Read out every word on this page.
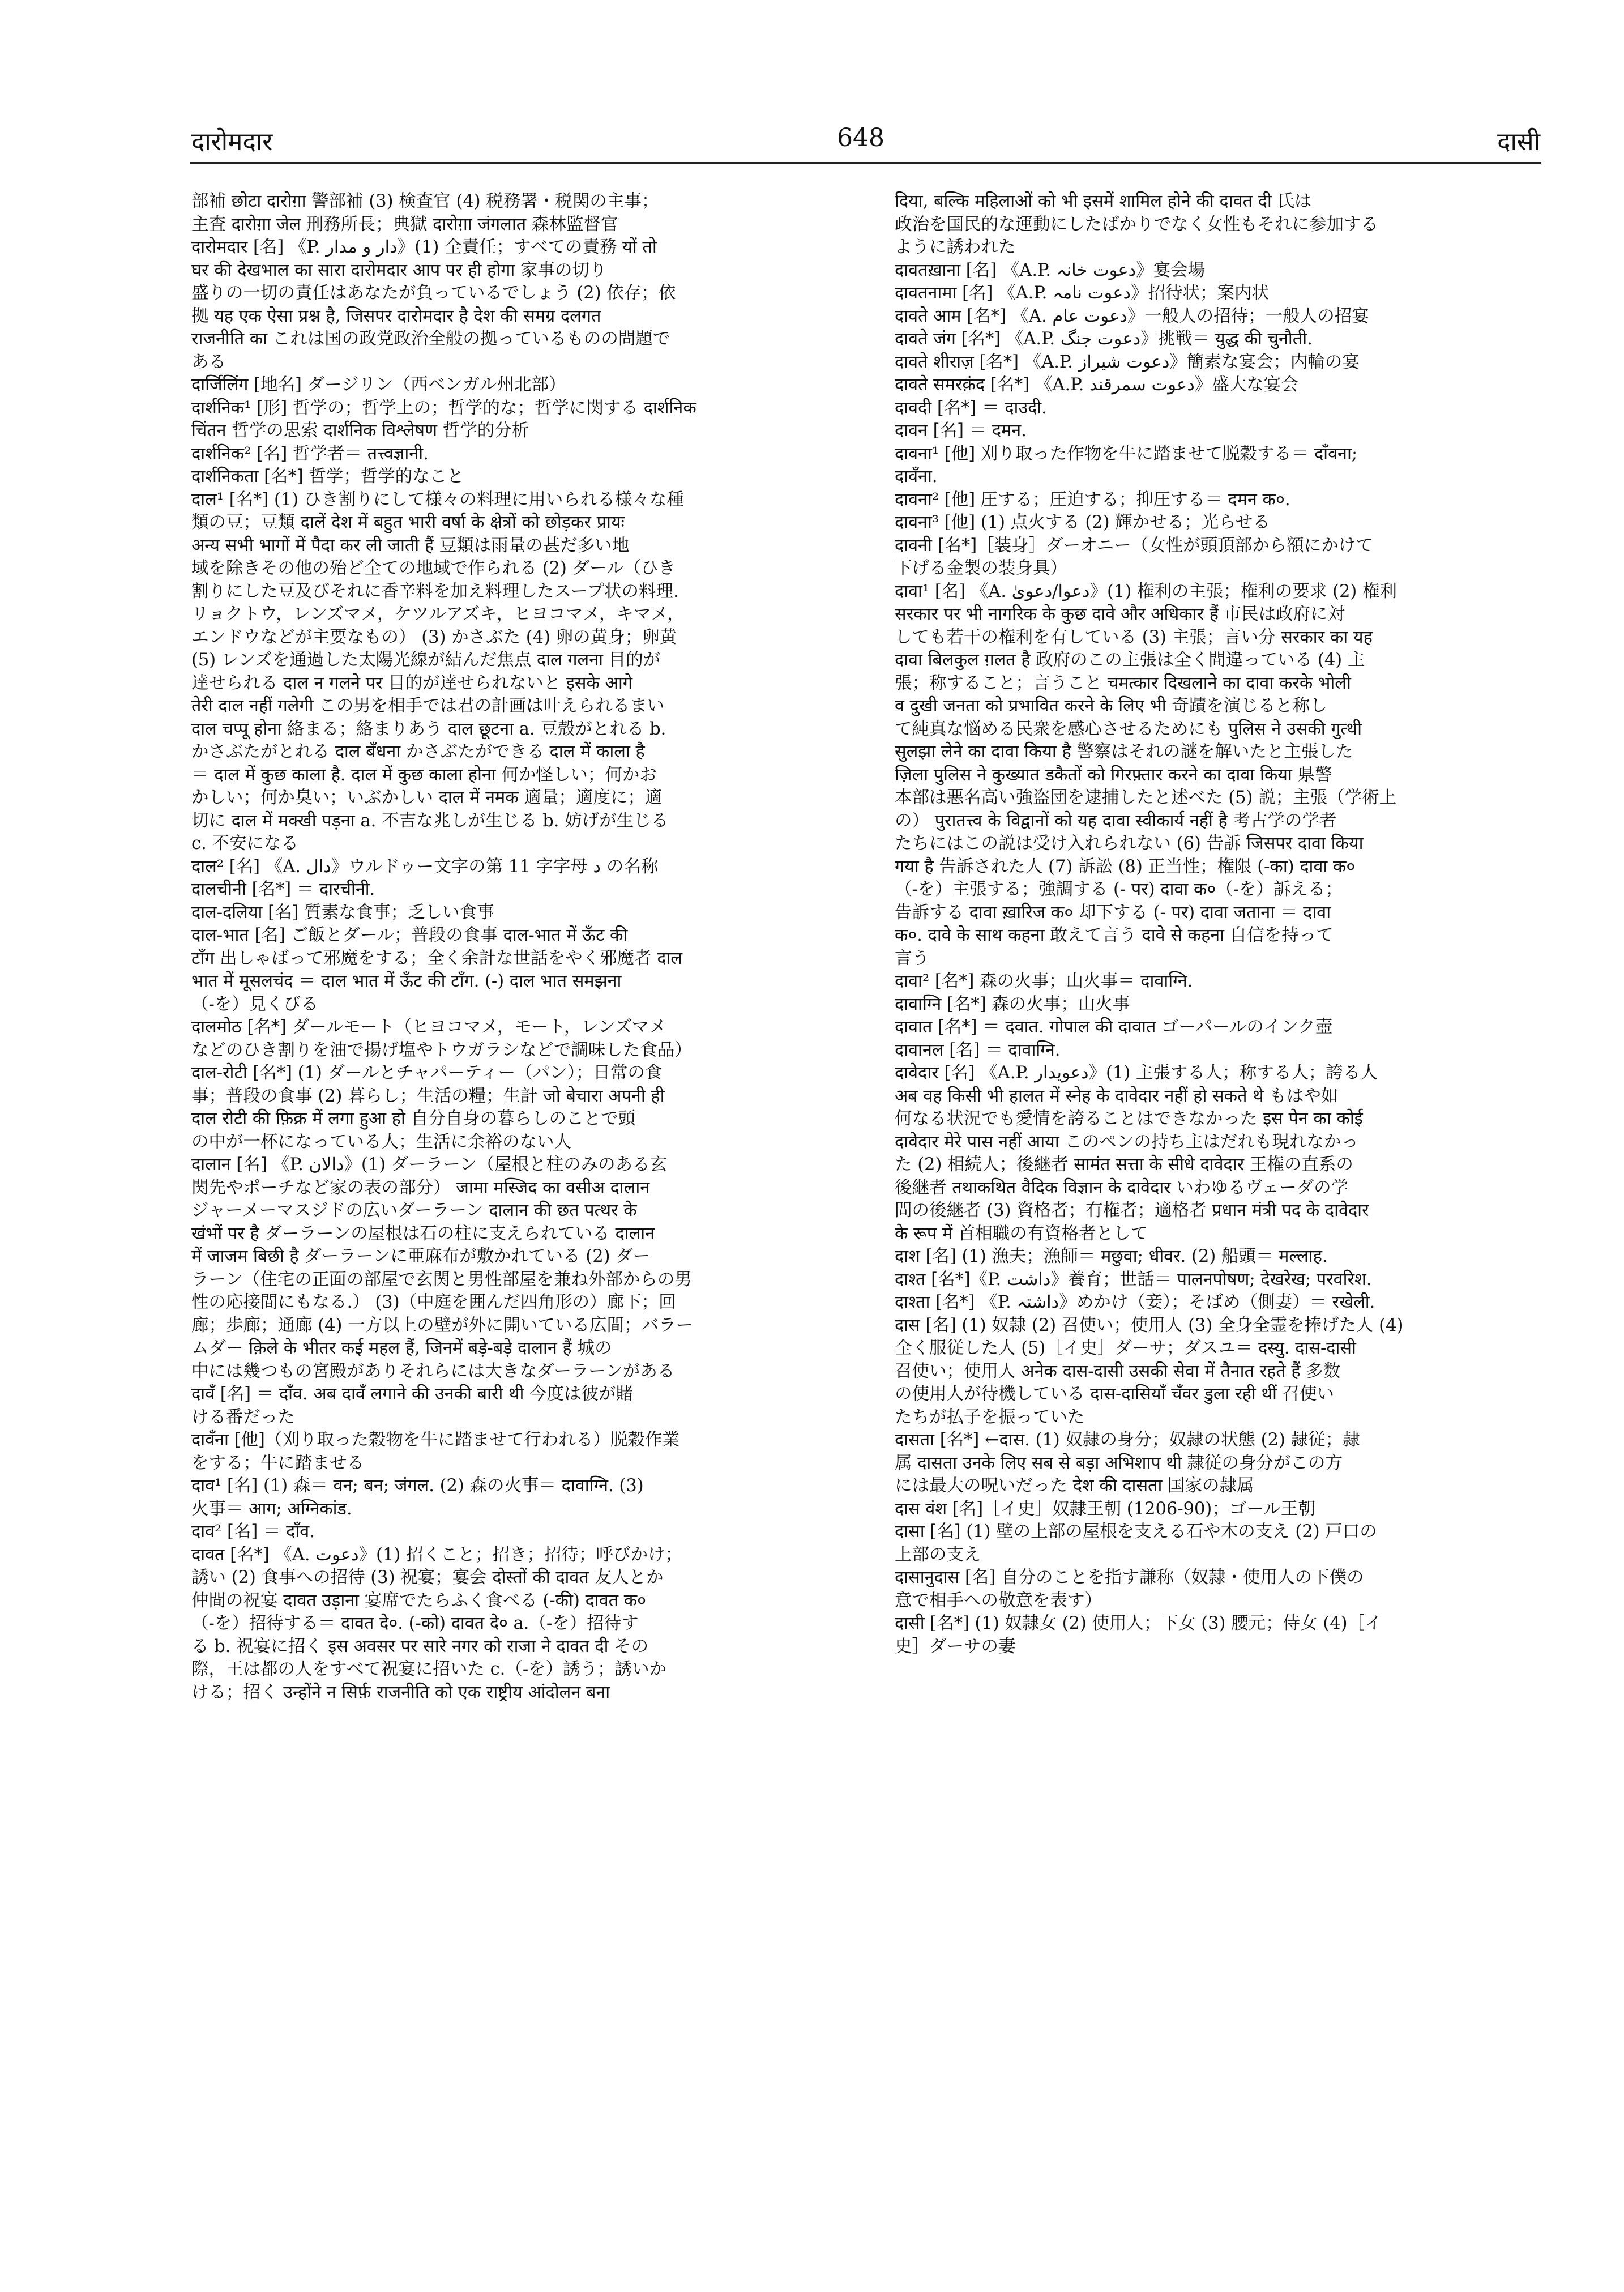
दारोमदार	648	दासी
部補 छोटा दारोग़ा 警部補 (3) 検査官 (4) 税務署・税関の主事；
主査 दारोग़ा जेल 刑務所長；典獄 दारोग़ा जंगलात 森林監督官
दारोमदार [名] 《P. دار و مدار》(1) 全責任；すべての責務 यों तो
घर की देखभाल का सारा दारोमदार आप पर ही होगा 家事の切り
盛りの一切の責任はあなたが負っているでしょう (2) 依存；依
拠 यह एक ऐसा प्रश्न है, जिसपर दारोमदार है देश की समग्र दलगत
राजनीति का これは国の政党政治全般の拠っているものの問題で
ある
दार्जिलिंग [地名] ダージリン（西ベンガル州北部）
दार्शनिक¹ [形] 哲学の；哲学上の；哲学的な；哲学に関する दार्शनिक
चिंतन 哲学の思索 दार्शनिक विश्लेषण 哲学的分析
दार्शनिक² [名] 哲学者＝ तत्त्वज्ञानी.
दार्शनिकता [名*] 哲学；哲学的なこと
दाल¹ [名*] (1) ひき割りにして様々の料理に用いられる様々な種
類の豆；豆類 दालें देश में बहुत भारी वर्षा के क्षेत्रों को छोड़कर प्रायः
अन्य सभी भागों में पैदा कर ली जाती हैं 豆類は雨量の甚だ多い地
域を除きその他の殆ど全ての地域で作られる (2) ダール（ひき
割りにした豆及びそれに香辛料を加え料理したスープ状の料理.
リョクトウ，レンズマメ，ケツルアズキ，ヒヨコマメ，キマメ，
エンドウなどが主要なもの） (3) かさぶた (4) 卵の黄身；卵黄
(5) レンズを通過した太陽光線が結んだ焦点 दाल गलना 目的が
達せられる दाल न गलने पर 目的が達せられないと इसके आगे
तेरी दाल नहीं गलेगी この男を相手では君の計画は叶えられるまい
दाल चप्पू होना 絡まる；絡まりあう दाल छूटना a. 豆殻がとれる b.
かさぶたがとれる दाल बँधना かさぶたができる दाल में काला है
＝ दाल में कुछ काला है. दाल में कुछ काला होना 何か怪しい；何かお
かしい；何か臭い；いぶかしい दाल में नमक 適量；適度に；適
切に दाल में मक्खी पड़ना a. 不吉な兆しが生じる b. 妨げが生じる
c. 不安になる
दाल² [名] 《A. دال》ウルドゥー文字の第 11 字字母 د の名称
दालचीनी [名*] ＝ दारचीनी.
दाल-दलिया [名] 質素な食事；乏しい食事
दाल-भात [名] ご飯とダール；普段の食事 दाल-भात में ऊँट की
टाँग 出しゃばって邪魔をする；全く余計な世話をやく邪魔者 दाल
भात में मूसलचंद ＝ दाल भात में ऊँट की टाँग. (-) दाल भात समझना
（-を）見くびる
दालमोठ [名*] ダールモート（ヒヨコマメ，モート，レンズマメ
などのひき割りを油で揚げ塩やトウガラシなどで調味した食品）
दाल-रोटी [名*] (1) ダールとチャパーティー（パン）；日常の食
事；普段の食事 (2) 暮らし；生活の糧；生計 जो बेचारा अपनी ही
दाल रोटी की फ़िक्र में लगा हुआ हो 自分自身の暮らしのことで頭
の中が一杯になっている人；生活に余裕のない人
दालान [名] 《P. دالان》(1) ダーラーン（屋根と柱のみのある玄
関先やポーチなど家の表の部分） जामा मस्जिद का वसीअ दालान
ジャーメーマスジドの広いダーラーン दालान की छत पत्थर के
खंभों पर है ダーラーンの屋根は石の柱に支えられている दालान
में जाजम बिछी है ダーラーンに亜麻布が敷かれている (2) ダー
ラーン（住宅の正面の部屋で玄関と男性部屋を兼ね外部からの男
性の応接間にもなる.） (3)（中庭を囲んだ四角形の）廊下；回
廊；歩廊；通廊 (4) 一方以上の壁が外に開いている広間；バラー
ムダー क़िले के भीतर कई महल हैं, जिनमें बड़े-बड़े दालान हैं 城の
中には幾つもの宮殿がありそれらには大きなダーラーンがある
दावँ [名] ＝ दाँव. अब दावँ लगाने की उनकी बारी थी 今度は彼が賭
ける番だった
दावँना [他]（刈り取った穀物を牛に踏ませて行われる）脱穀作業
をする；牛に踏ませる
दाव¹ [名] (1) 森＝ वन; बन; जंगल. (2) 森の火事＝ दावाग्नि. (3)
火事＝ आग; अग्निकांड.
दाव² [名] ＝ दाँव.
दावत [名*] 《A. دعوت》(1) 招くこと；招き；招待；呼びかけ；
誘い (2) 食事への招待 (3) 祝宴；宴会 दोस्तों की दावत 友人とか
仲間の祝宴 दावत उड़ाना 宴席でたらふく食べる (-की) दावत क०
（-を）招待する＝ दावत दे०. (-को) दावत दे० a.（-を）招待す
る b. 祝宴に招く इस अवसर पर सारे नगर को राजा ने दावत दी その
際，王は都の人をすべて祝宴に招いた c.（-を）誘う；誘いか
ける；招く उन्होंने न सिर्फ़ राजनीति को एक राष्ट्रीय आंदोलन बना
दिया, बल्कि महिलाओं को भी इसमें शामिल होने की दावत दी 氏は
政治を国民的な運動にしたばかりでなく女性もそれに参加する
ように誘われた
दावतख़ाना [名] 《A.P. دعوت خانہ》宴会場
दावतनामा [名] 《A.P. دعوت نامہ》招待状；案内状
दावते आम [名*] 《A. دعوت عام》一般人の招待；一般人の招宴
दावते जंग [名*] 《A.P. دعوت جنگ》挑戦＝ युद्ध की चुनौती.
दावते शीराज़ [名*] 《A.P. دعوت شیراز》簡素な宴会；内輪の宴
दावते समरक़ंद [名*] 《A.P. دعوت سمرقند》盛大な宴会
दावदी [名*] ＝ दाउदी.
दावन [名] ＝ दमन.
दावना¹ [他] 刈り取った作物を牛に踏ませて脱穀する＝ दाँवना;
दावँना.
दावना² [他] 圧する；圧迫する；抑圧する＝ दमन क०.
दावना³ [他] (1) 点火する (2) 輝かせる；光らせる
दावनी [名*]［装身］ダーオニー（女性が頭頂部から額にかけて
下げる金製の装身具）
दावा¹ [名] 《A. دعوا/دعویٰ》(1) 権利の主張；権利の要求 (2) 権利
सरकार पर भी नागरिक के कुछ दावे और अधिकार हैं 市民は政府に対
しても若干の権利を有している (3) 主張；言い分 सरकार का यह
दावा बिलकुल ग़लत है 政府のこの主張は全く間違っている (4) 主
張；称すること；言うこと चमत्कार दिखलाने का दावा करके भोली
व दुखी जनता को प्रभावित करने के लिए भी 奇蹟を演じると称し
て純真な悩める民衆を感心させるためにも पुलिस ने उसकी गुत्थी
सुलझा लेने का दावा किया है 警察はそれの謎を解いたと主張した
ज़िला पुलिस ने कुख्यात डकैतों को गिरफ़्तार करने का दावा किया 県警
本部は悪名高い強盗団を逮捕したと述べた (5) 説；主張（学術上
の） पुरातत्त्व के विद्वानों को यह दावा स्वीकार्य नहीं है 考古学の学者
たちにはこの説は受け入れられない (6) 告訴 जिसपर दावा किया
गया है 告訴された人 (7) 訴訟 (8) 正当性；権限 (-का) दावा क०
（-を）主張する；強調する (- पर) दावा क०（-を）訴える；
告訴する दावा ख़ारिज क० 却下する (- पर) दावा जताना ＝ दावा
क०. दावे के साथ कहना 敢えて言う दावे से कहना 自信を持って
言う
दावा² [名*] 森の火事；山火事＝ दावाग्नि.
दावाग्नि [名*] 森の火事；山火事
दावात [名*] ＝ दवात. गोपाल की दावात ゴーパールのインク壺
दावानल [名] ＝ दावाग्नि.
दावेदार [名] 《A.P. دعویدار》(1) 主張する人；称する人；誇る人
अब वह किसी भी हालत में स्नेह के दावेदार नहीं हो सकते थे もはや如
何なる状況でも愛情を誇ることはできなかった इस पेन का कोई
दावेदार मेरे पास नहीं आया このペンの持ち主はだれも現れなかっ
た (2) 相続人；後継者 सामंत सत्ता के सीधे दावेदार 王権の直系の
後継者 तथाकथित वैदिक विज्ञान के दावेदार いわゆるヴェーダの学
問の後継者 (3) 資格者；有権者；適格者 प्रधान मंत्री पद के दावेदार
के रूप में 首相職の有資格者として
दाश [名] (1) 漁夫；漁師＝ मछुवा; धीवर. (2) 船頭＝ मल्लाह.
दाश्त [名*]《P. داشت》養育；世話＝ पालनपोषण; देखरेख; परवरिश.
दाश्ता [名*] 《P. داشتہ》めかけ（妾）；そばめ（側妻）＝ रखेली.
दास [名] (1) 奴隷 (2) 召使い；使用人 (3) 全身全霊を捧げた人 (4)
全く服従した人 (5)［イ史］ダーサ；ダスユ＝ दस्यु. दास-दासी
召使い；使用人 अनेक दास-दासी उसकी सेवा में तैनात रहते हैं 多数
の使用人が待機している दास-दासियाँ चँवर डुला रही थीं 召使い
たちが払子を振っていた
दासता [名*] ←दास. (1) 奴隷の身分；奴隷の状態 (2) 隷従；隷
属 दासता उनके लिए सब से बड़ा अभिशाप थी 隷従の身分がこの方
には最大の呪いだった देश की दासता 国家の隷属
दास वंश [名]［イ史］奴隷王朝 (1206-90)；ゴール王朝
दासा [名] (1) 壁の上部の屋根を支える石や木の支え (2) 戸口の
上部の支え
दासानुदास [名] 自分のことを指す謙称（奴隷・使用人の下僕の
意で相手への敬意を表す）
दासी [名*] (1) 奴隷女 (2) 使用人；下女 (3) 腰元；侍女 (4)［イ
史］ダーサの妻
